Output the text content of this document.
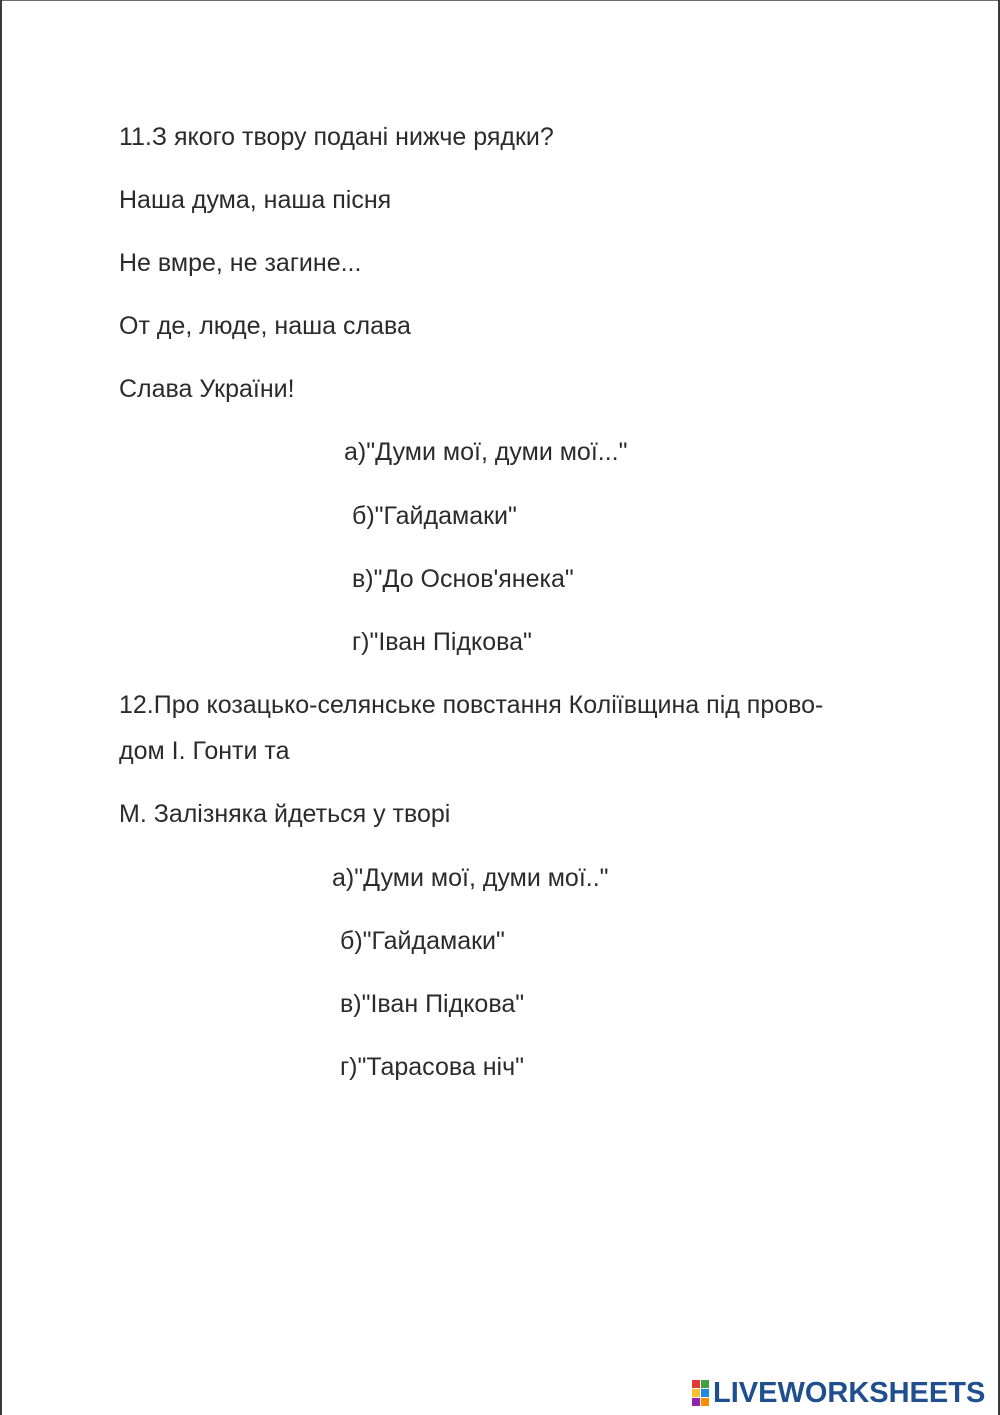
11.З якого твору подані нижче рядки?
Наша дума, наша пісня
Не вмре, не загине...
От де, люде, наша слава
Слава України!
а)"Думи мої, думи мої..."
б)"Гайдамаки"
в)"До Основ'янека"
г)"Іван Підкова"
12.Про козацько-селянське повстання Коліївщина під прово-
дом І. Гонти та
М. Залізняка йдеться у творі
а)"Думи мої, думи мої.."
б)"Гайдамаки"
в)"Іван Підкова"
г)"Тарасова ніч"
LIVEWORKSHEETS
